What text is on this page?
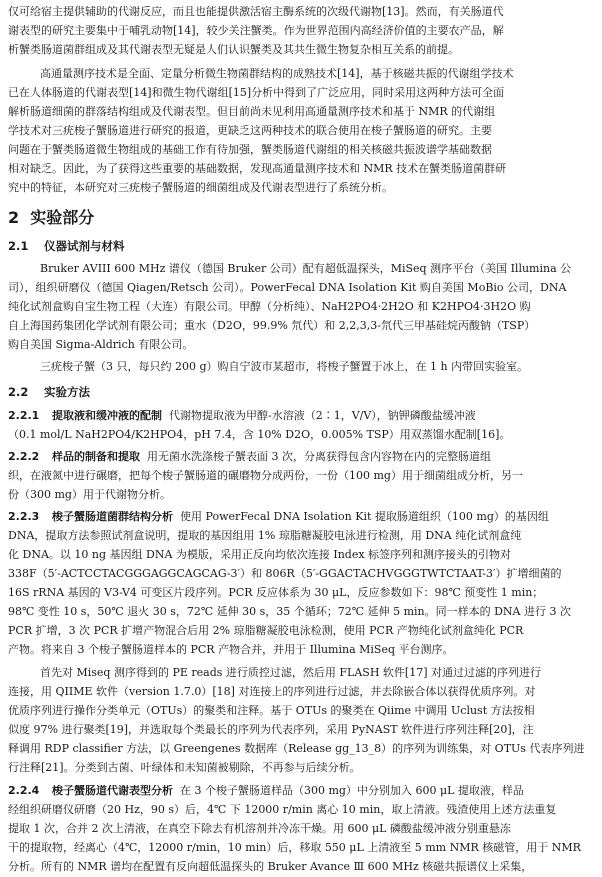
仅可给宿主提供辅助的代谢反应，而且也能提供激活宿主酶系统的次级代谢物[13]。然而，有关肠道代
谢表型的研究主要集中于哺乳动物[14]，较少关注蟹类。作为世界范围内高经济价值的主要农产品，解
析蟹类肠道菌群组成及其代谢表型无疑是人们认识蟹类及其共生微生物复杂相互关系的前提。
高通量测序技术是全面、定量分析微生物菌群结构的成熟技术[14]，基于核磁共振的代谢组学技术
已在人体肠道的代谢表型[14]和微生物代谢组[15]分析中得到了广泛应用，同时采用这两种方法可全面
解析肠道细菌的群落结构组成及代谢表型。但目前尚未见利用高通量测序技术和基于 NMR 的代谢组
学技术对三疣梭子蟹肠道进行研究的报道，更缺乏这两种技术的联合使用在梭子蟹肠道的研究。主要
问题在于蟹类肠道微生物组成的基础工作有待加强，蟹类肠道代谢组的相关核磁共振波谱学基础数据
相对缺乏。因此，为了获得这些重要的基础数据，发现高通量测序技术和 NMR 技术在蟹类肠道菌群研
究中的特征，本研究对三疣梭子蟹肠道的细菌组成及代谢表型进行了系统分析。
2 实验部分
2.1 仪器试剂与材料
Bruker AVIII 600 MHz 谱仪（德国 Bruker 公司）配有超低温探头，MiSeq 测序平台（美国 Illumina 公
司），组织研磨仪（德国 Qiagen/Retsch 公司）。PowerFecal DNA Isolation Kit 购自美国 MoBio 公司，DNA
纯化试剂盒购自宝生物工程（大连）有限公司。甲醇（分析纯）、NaH2PO4·2H2O 和 K2HPO4·3H2O 购
自上海国药集团化学试剂有限公司；重水（D2O，99.9% 氘代）和 2,2,3,3-氘代三甲基硅烷丙酸钠（TSP）
购自美国 Sigma-Aldrich 有限公司。
三疣梭子蟹（3 只，每只约 200 g）购自宁波市某超市，将梭子蟹置于冰上，在 1 h 内带回实验室。
2.2 实验方法
2.2.1 提取液和缓冲液的配制 代谢物提取液为甲醇-水溶液（2∶1，V/V），钠钾磷酸盐缓冲液
（0.1 mol/L NaH2PO4/K2HPO4，pH 7.4，含 10% D2O，0.005% TSP）用双蒸馏水配制[16]。
2.2.2 样品的制备和提取 用无菌水洗涤梭子蟹表面 3 次，分离获得包含内容物在内的完整肠道组
织，在液氮中进行碾磨，把每个梭子蟹肠道的碾磨物分成两份，一份（100 mg）用于细菌组成分析，另一
份（300 mg）用于代谢物分析。
2.2.3 梭子蟹肠道菌群结构分析 使用 PowerFecal DNA Isolation Kit 提取肠道组织（100 mg）的基因组
DNA，提取方法参照试剂盒说明，提取的基因组用 1% 琼脂糖凝胶电泳进行检测，用 DNA 纯化试剂盒纯
化 DNA。以 10 ng 基因组 DNA 为模版，采用正反向均依次连接 Index 标签序列和测序接头的引物对
338F（5′-ACTCCTACGGGAGGCAGCAG-3′）和 806R（5′-GGACTACHVGGGTWTCTAAT-3′）扩增细菌的
16S rRNA 基因的 V3-V4 可变区片段序列。PCR 反应体系为 30 μL，反应参数如下：98℃ 预变性 1 min；
98℃ 变性 10 s，50℃ 退火 30 s，72℃ 延伸 30 s，35 个循环；72℃ 延伸 5 min。同一样本的 DNA 进行 3 次
PCR 扩增，3 次 PCR 扩增产物混合后用 2% 琼脂糖凝胶电泳检测，使用 PCR 产物纯化试剂盒纯化 PCR
产物。将来自 3 个梭子蟹肠道样本的 PCR 产物合并，并用于 Illumina MiSeq 平台测序。
首先对 Miseq 测序得到的 PE reads 进行质控过滤，然后用 FLASH 软件[17] 对通过过滤的序列进行
连接，用 QIIME 软件（version 1.7.0）[18] 对连接上的序列进行过滤，并去除嵌合体以获得优质序列。对
优质序列进行操作分类单元（OTUs）的聚类和注释。基于 OTUs 的聚类在 Qiime 中调用 Uclust 方法按相
似度 97% 进行聚类[19]，并选取每个类最长的序列为代表序列，采用 PyNAST 软件进行序列注释[20]，注
释调用 RDP classifier 方法，以 Greengenes 数据库（Release gg_13_8）的序列为训练集，对 OTUs 代表序列进
行注释[21]。分类到古菌、叶绿体和未知菌被剔除，不再参与后续分析。
2.2.4 梭子蟹肠道代谢表型分析 在 3 个梭子蟹肠道样品（300 mg）中分别加入 600 μL 提取液，样品
经组织研磨仪研磨（20 Hz，90 s）后，4℃ 下 12000 r/min 离心 10 min，取上清液。残渣使用上述方法重复
提取 1 次，合并 2 次上清液，在真空下除去有机溶剂并冷冻干燥。用 600 μL 磷酸盐缓冲液分别重悬冻
干的提取物，经离心（4℃，12000 r/min，10 min）后，移取 550 μL 上清液至 5 mm NMR 核磁管，用于 NMR
分析。所有的 NMR 谱均在配置有反向超低温探头的 Bruker Avance Ⅲ 600 MHz 核磁共振谱仪上采集，
